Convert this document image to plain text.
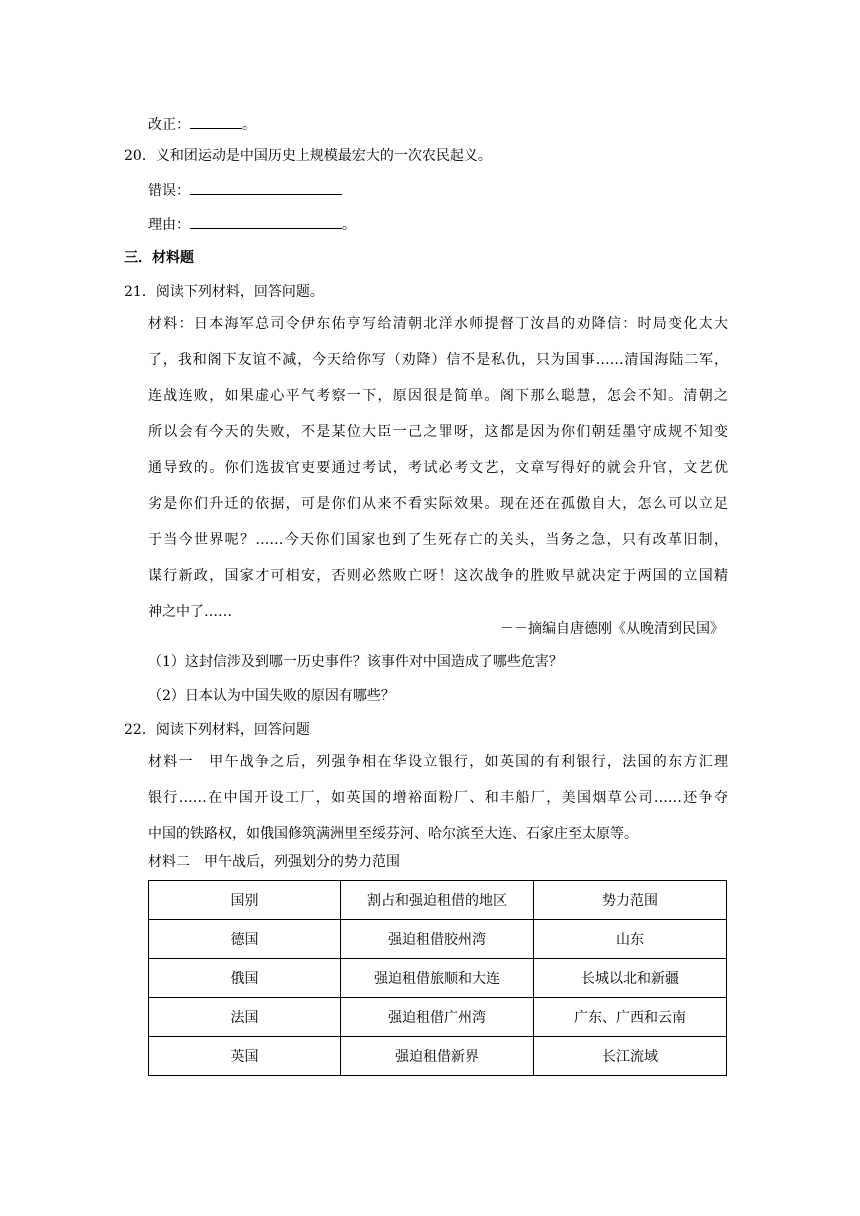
改正：	。
20．义和团运动是中国历史上规模最宏大的一次农民起义。
错误：
理由：	。
三．材料题
21．阅读下列材料，回答问题。
材料：日本海军总司令伊东佑亨写给清朝北洋水师提督丁汝昌的劝降信：时局变化太大
了，我和阁下友谊不减，今天给你写（劝降）信不是私仇，只为国事……清国海陆二军，
连战连败，如果虚心平气考察一下，原因很是简单。阁下那么聪慧，怎会不知。清朝之
所以会有今天的失败，不是某位大臣一己之罪呀，这都是因为你们朝廷墨守成规不知变
通导致的。你们选拔官吏要通过考试，考试必考文艺，文章写得好的就会升官，文艺优
劣是你们升迁的依据，可是你们从来不看实际效果。现在还在孤傲自大，怎么可以立足
于当今世界呢？……今天你们国家也到了生死存亡的关头，当务之急，只有改革旧制，
谋行新政，国家才可相安，否则必然败亡呀！这次战争的胜败早就决定于两国的立国精
神之中了……
－－摘编自唐德刚《从晚清到民国》
（1）这封信涉及到哪一历史事件？该事件对中国造成了哪些危害？
（2）日本认为中国失败的原因有哪些？
22．阅读下列材料，回答问题
材料一　甲午战争之后，列强争相在华设立银行，如英国的有利银行，法国的东方汇理
银行……在中国开设工厂，如英国的增裕面粉厂、和丰船厂，美国烟草公司……还争夺
中国的铁路权，如俄国修筑满洲里至绥芬河、哈尔滨至大连、石家庄至太原等。
材料二　甲午战后，列强划分的势力范围
国别	割占和强迫租借的地区	势力范围
德国	强迫租借胶州湾	山东
俄国	强迫租借旅顺和大连	长城以北和新疆
法国	强迫租借广州湾	广东、广西和云南
英国	强迫租借新界	长江流域
